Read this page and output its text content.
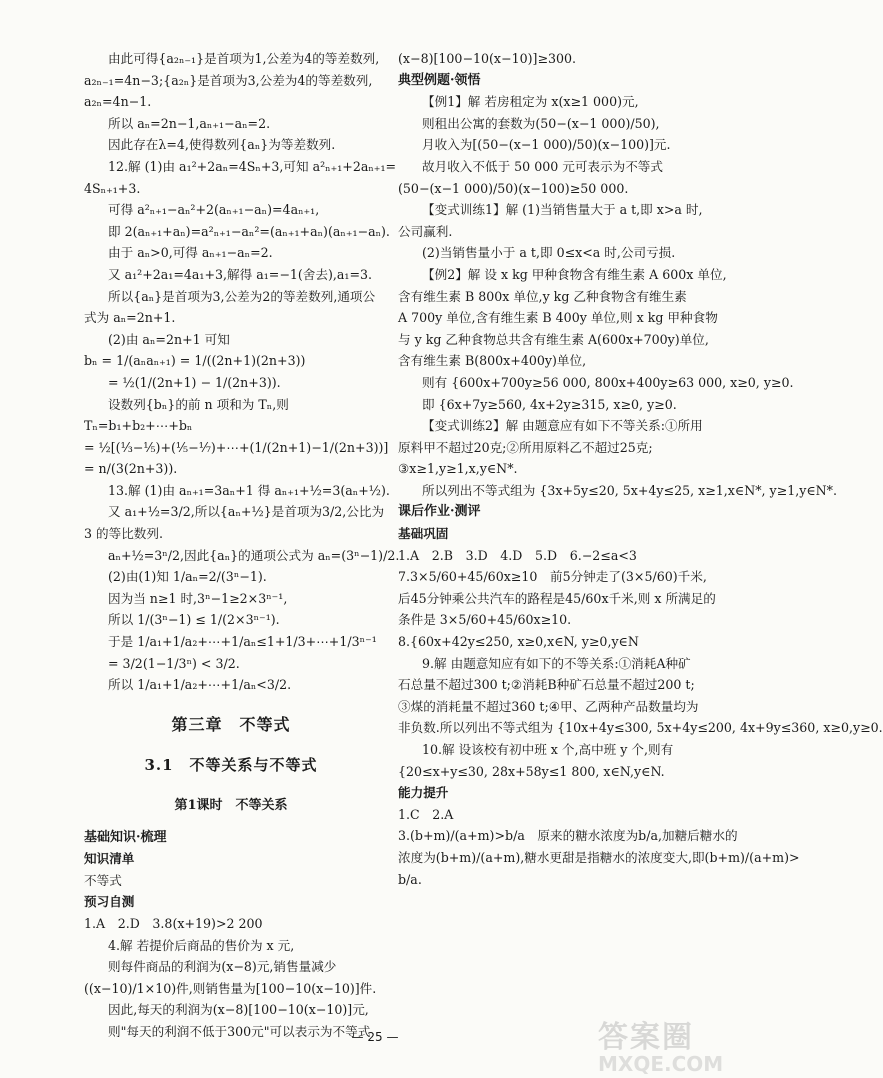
由此可得{a₂ₙ₋₁}是首项为1,公差为4的等差数列,
a₂ₙ₋₁=4n−3;{a₂ₙ}是首项为3,公差为4的等差数列,
a₂ₙ=4n−1.
所以 aₙ=2n−1,aₙ₊₁−aₙ=2.
因此存在λ=4,使得数列{aₙ}为等差数列.
12.解 (1)由 a₁²+2aₙ=4Sₙ+3,可知 a²ₙ₊₁+2aₙ₊₁=
4Sₙ₊₁+3.
可得 a²ₙ₊₁−aₙ²+2(aₙ₊₁−aₙ)=4aₙ₊₁,
即 2(aₙ₊₁+aₙ)=a²ₙ₊₁−aₙ²=(aₙ₊₁+aₙ)(aₙ₊₁−aₙ).
由于 aₙ>0,可得 aₙ₊₁−aₙ=2.
又 a₁²+2a₁=4a₁+3,解得 a₁=−1(舍去),a₁=3.
所以{aₙ}是首项为3,公差为2的等差数列,通项公
式为 aₙ=2n+1.
(2)由 aₙ=2n+1 可知
bₙ = 1/(aₙaₙ₊₁) = 1/((2n+1)(2n+3))
= ½(1/(2n+1) − 1/(2n+3)).
设数列{bₙ}的前 n 项和为 Tₙ,则
Tₙ=b₁+b₂+⋯+bₙ
= ½[(⅓−⅕)+(⅕−⅐)+⋯+(1/(2n+1)−1/(2n+3))]
= n/(3(2n+3)).
13.解 (1)由 aₙ₊₁=3aₙ+1 得 aₙ₊₁+½=3(aₙ+½).
又 a₁+½=3/2,所以{aₙ+½}是首项为3/2,公比为
3 的等比数列.
aₙ+½=3ⁿ/2,因此{aₙ}的通项公式为 aₙ=(3ⁿ−1)/2.
(2)由(1)知 1/aₙ=2/(3ⁿ−1).
因为当 n≥1 时,3ⁿ−1≥2×3ⁿ⁻¹,
所以 1/(3ⁿ−1) ≤ 1/(2×3ⁿ⁻¹).
于是 1/a₁+1/a₂+⋯+1/aₙ≤1+1/3+⋯+1/3ⁿ⁻¹
= 3/2(1−1/3ⁿ) < 3/2.
所以 1/a₁+1/a₂+⋯+1/aₙ<3/2.
第三章　不等式
3.1　不等关系与不等式
第1课时　不等关系
基础知识·梳理
知识清单
不等式
预习自测
1.A　2.D　3.8(x+19)>2 200
4.解 若提价后商品的售价为 x 元,
则每件商品的利润为(x−8)元,销售量减少
((x−10)/1×10)件,则销售量为[100−10(x−10)]件.
因此,每天的利润为(x−8)[100−10(x−10)]元,
则"每天的利润不低于300元"可以表示为不等式
(x−8)[100−10(x−10)]≥300.
典型例题·领悟
【例1】解 若房租定为 x(x≥1 000)元,
则租出公寓的套数为(50−(x−1 000)/50),
月收入为[(50−(x−1 000)/50)(x−100)]元.
故月收入不低于 50 000 元可表示为不等式
(50−(x−1 000)/50)(x−100)≥50 000.
【变式训练1】解 (1)当销售量大于 a t,即 x>a 时,
公司赢利.
(2)当销售量小于 a t,即 0≤x<a 时,公司亏损.
【例2】解 设 x kg 甲种食物含有维生素 A 600x 单位,
含有维生素 B 800x 单位,y kg 乙种食物含有维生素
A 700y 单位,含有维生素 B 400y 单位,则 x kg 甲种食物
与 y kg 乙种食物总共含有维生素 A(600x+700y)单位,
含有维生素 B(800x+400y)单位,
则有 {600x+700y≥56 000, 800x+400y≥63 000, x≥0, y≥0.
即 {6x+7y≥560, 4x+2y≥315, x≥0, y≥0.
【变式训练2】解 由题意应有如下不等关系:①所用
原料甲不超过20克;②所用原料乙不超过25克;
③x≥1,y≥1,x,y∈N*.
所以列出不等式组为 {3x+5y≤20, 5x+4y≤25, x≥1,x∈N*, y≥1,y∈N*.
课后作业·测评
基础巩固
1.A　2.B　3.D　4.D　5.D　6.−2≤a<3
7.3×5/60+45/60x≥10　前5分钟走了(3×5/60)千米,
后45分钟乘公共汽车的路程是45/60x千米,则 x 所满足的
条件是 3×5/60+45/60x≥10.
8.{60x+42y≤250, x≥0,x∈N, y≥0,y∈N
9.解 由题意知应有如下的不等关系:①消耗A种矿
石总量不超过300 t;②消耗B种矿石总量不超过200 t;
③煤的消耗量不超过360 t;④甲、乙两种产品数量均为
非负数.所以列出不等式组为 {10x+4y≤300, 5x+4y≤200, 4x+9y≤360, x≥0,y≥0.
10.解 设该校有初中班 x 个,高中班 y 个,则有
{20≤x+y≤30, 28x+58y≤1 800, x∈N,y∈N.
能力提升
1.C　2.A
3.(b+m)/(a+m)>b/a　原来的糖水浓度为b/a,加糖后糖水的
浓度为(b+m)/(a+m),糖水更甜是指糖水的浓度变大,即(b+m)/(a+m)>
b/a.
— 25 —	答案圈
MXQE.COM
